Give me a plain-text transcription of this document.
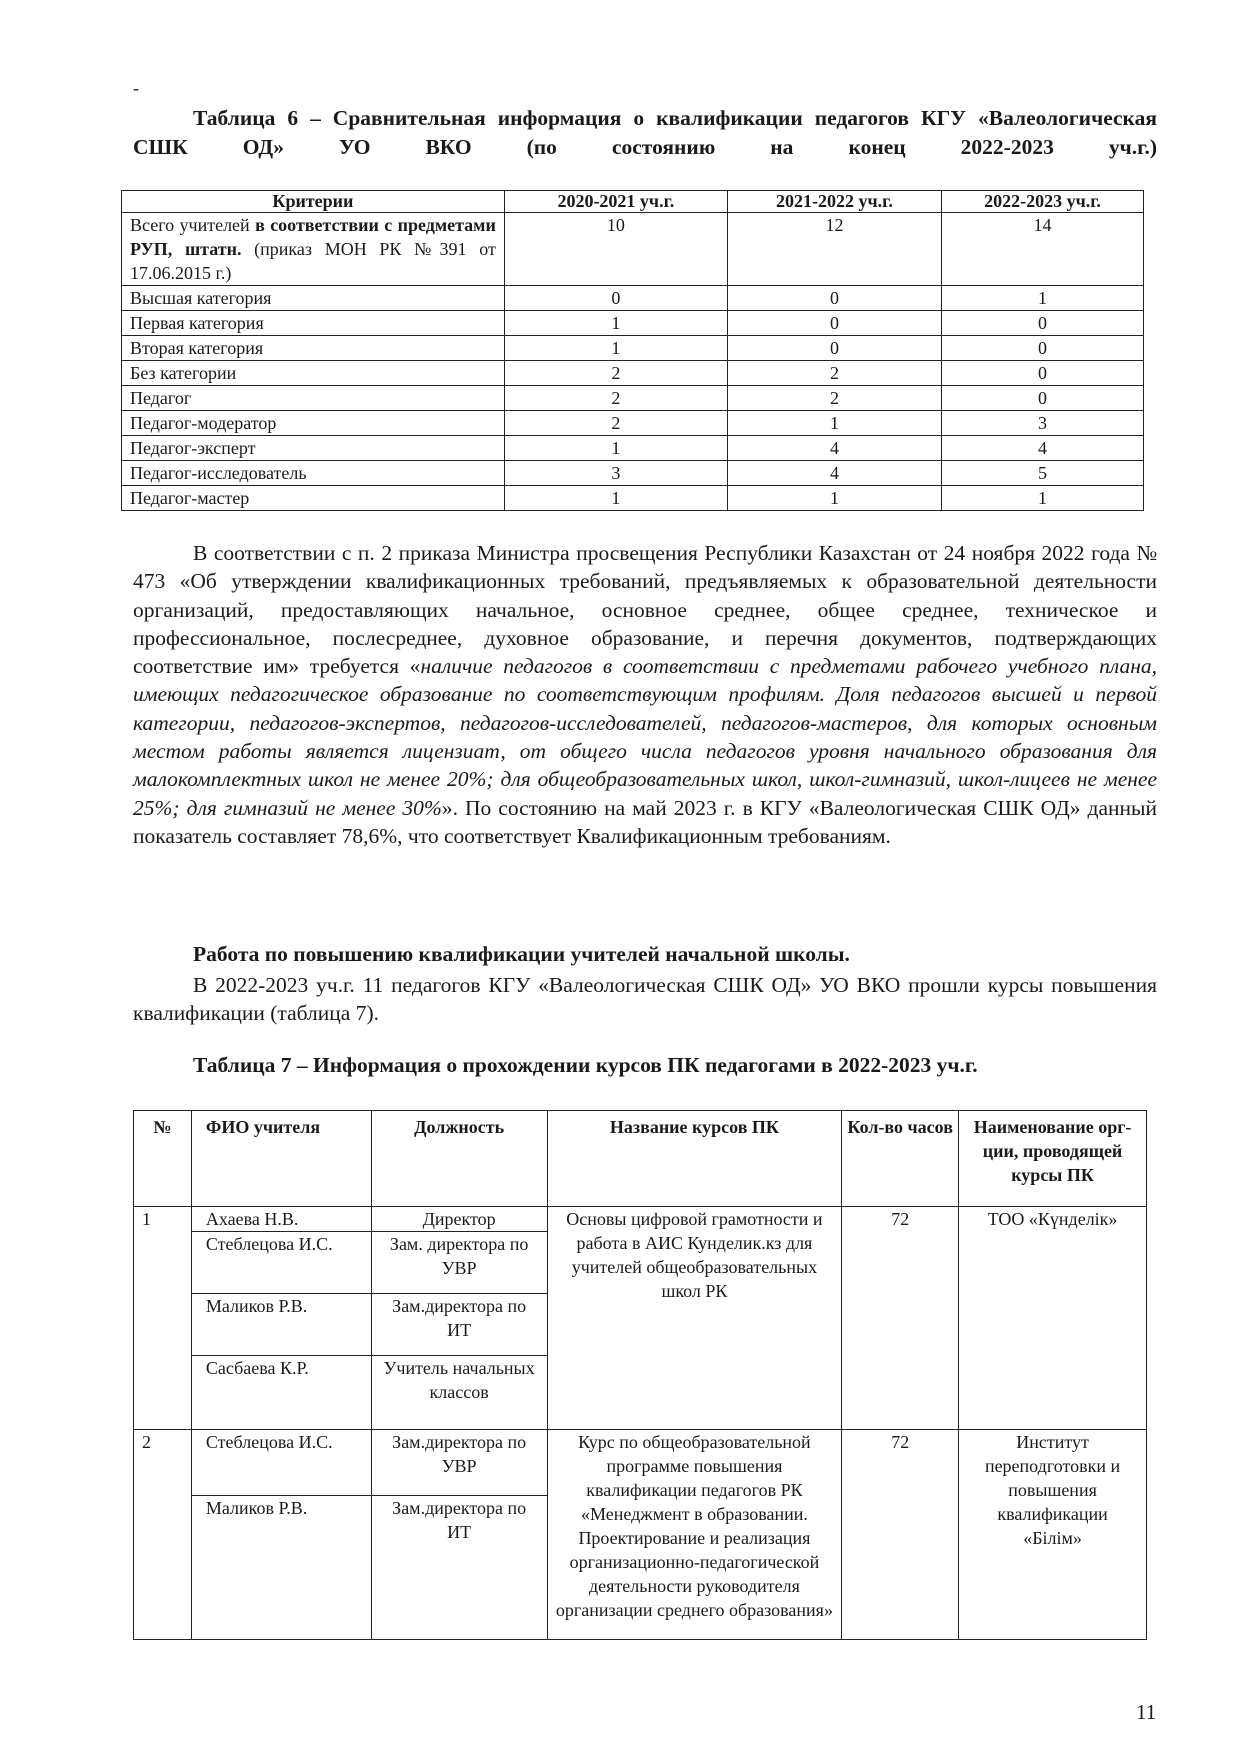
-
Таблица 6 – Сравнительная информация о квалификации педагогов КГУ «Валеологическая СШК ОД» УО ВКО (по состоянию на конец 2022-2023 уч.г.)
Критерии	2020-2021 уч.г.	2021-2022 уч.г.	2022-2023 уч.г.
Всего учителей в соответствии с предметами РУП, штатн. (приказ МОН РК №391 от 17.06.2015 г.)	10	12	14
Высшая категория	0	0	1
Первая категория	1	0	0
Вторая категория	1	0	0
Без категории	2	2	0
Педагог	2	2	0
Педагог-модератор	2	1	3
Педагог-эксперт	1	4	4
Педагог-исследователь	3	4	5
Педагог-мастер	1	1	1
В соответствии с п. 2 приказа Министра просвещения Республики Казахстан от 24 ноября 2022 года № 473 «Об утверждении квалификационных требований, предъявляемых к образовательной деятельности организаций, предоставляющих начальное, основное среднее, общее среднее, техническое и профессиональное, послесреднее, духовное образование, и перечня документов, подтверждающих соответствие им» требуется «наличие педагогов в соответствии с предметами рабочего учебного плана, имеющих педагогическое образование по соответствующим профилям. Доля педагогов высшей и первой категории, педагогов-экспертов, педагогов-исследователей, педагогов-мастеров, для которых основным местом работы является лицензиат, от общего числа педагогов уровня начального образования для малокомплектных школ не менее 20%; для общеобразовательных школ, школ-гимназий, школ-лицеев не менее 25%; для гимназий не менее 30%». По состоянию на май 2023 г. в КГУ «Валеологическая СШК ОД» данный показатель составляет 78,6%, что соответствует Квалификационным требованиям.
Работа по повышению квалификации учителей начальной школы.
В 2022-2023 уч.г. 11 педагогов КГУ «Валеологическая СШК ОД» УО ВКО прошли курсы повышения квалификации (таблица 7).
Таблица 7 – Информация о прохождении курсов ПК педагогами в 2022-2023 уч.г.
№	ФИО учителя	Должность	Название курсов ПК	Кол-во часов	Наименование орг-ции, проводящей курсы ПК
1	Ахаева Н.В.	Директор	Основы цифровой грамотности и работа в АИС Кунделик.кз для учителей общеобразовательных школ РК	72	ТОО «Күнделік»
	Стеблецова И.С.	Зам. директора по УВР			
	Маликов Р.В.	Зам.директора по ИТ			
	Сасбаева К.Р.	Учитель начальных классов			
2	Стеблецова И.С.	Зам.директора по УВР	Курс по общеобразовательной программе повышения квалификации педагогов РК «Менеджмент в образовании. Проектирование и реализация организационно-педагогической деятельности руководителя организации среднего образования»	72	Институт переподготовки и повышения квалификации «Білім»
	Маликов Р.В.	Зам.директора по ИТ			
11
